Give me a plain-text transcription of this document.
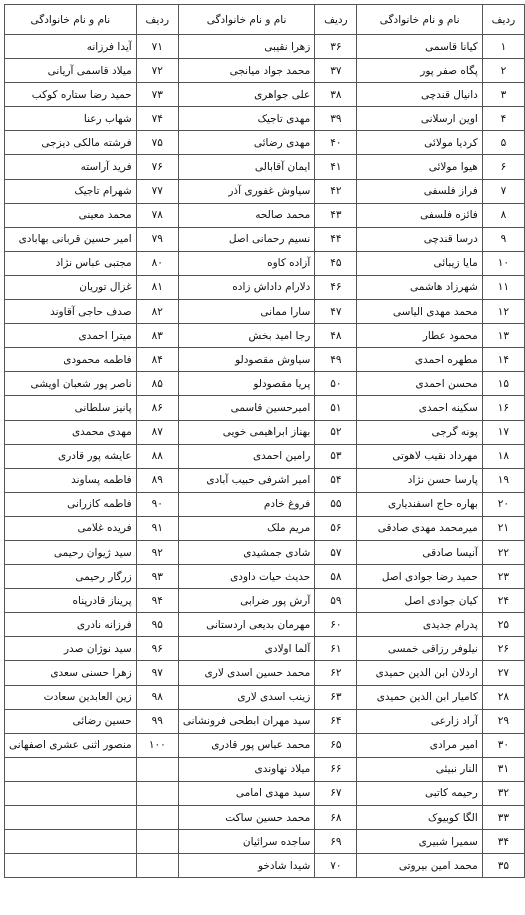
ردیف	نام و نام خانوادگی	ردیف	نام و نام خانوادگی	ردیف	نام و نام خانوادگی
۱	کیانا قاسمی	۳۶	زهرا نقیبی	۷۱	آیدا فرزانه
۲	پگاه صفر پور	۳۷	محمد جواد میانجی	۷۲	میلاد قاسمی آریانی
۳	دانیال قندچی	۳۸	علی جواهری	۷۳	حمید رضا ستاره کوکب
۴	اوین ارسلانی	۳۹	مهدی تاجیک	۷۴	شهاب رعنا
۵	کردیا مولائی	۴۰	مهدی رضائی	۷۵	فرشته مالکی دیزجی
۶	هیوا مولائی	۴۱	ایمان آقابالی	۷۶	فرید آراسته
۷	فراز فلسفی	۴۲	سیاوش غفوری آذر	۷۷	شهرام تاجیک
۸	فائزه فلسفی	۴۳	محمد صالحه	۷۸	محمد معینی
۹	درسا قندچی	۴۴	نسیم رحمانی اصل	۷۹	امیر حسین قربانی بهابادی
۱۰	مایا زیبائی	۴۵	آزاده کاوه	۸۰	مجتبی عباس نژاد
۱۱	شهرزاد هاشمی	۴۶	دلارام داداش زاده	۸۱	غزال توریان
۱۲	محمد مهدی الیاسی	۴۷	سارا ممانی	۸۲	صدف حاجی آقاوند
۱۳	محمود عطار	۴۸	رجا امید بخش	۸۳	میترا احمدی
۱۴	مطهره احمدی	۴۹	سیاوش مقصودلو	۸۴	فاطمه محمودی
۱۵	محسن احمدی	۵۰	پریا مقصودلو	۸۵	ناصر پور شعبان اویشی
۱۶	سکینه احمدی	۵۱	امیرحسین قاسمی	۸۶	پانیز سلطانی
۱۷	پونه گرجی	۵۲	بهناز ابراهیمی خویی	۸۷	مهدی محمدی
۱۸	مهرداد نقیب لاهوتی	۵۳	رامین احمدی	۸۸	عایشه پور قادری
۱۹	پارسا حسن نژاد	۵۴	امیر اشرفی حبیب آبادی	۸۹	فاطمه پساوند
۲۰	بهاره حاج اسفندیاری	۵۵	فروغ خادم	۹۰	فاطمه کازرانی
۲۱	میرمحمد مهدی صادقی	۵۶	مریم ملک	۹۱	فریده غلامی
۲۲	آنیسا صادقی	۵۷	شادی جمشیدی	۹۲	سید ژیوان رحیمی
۲۳	حمید رضا جوادی اصل	۵۸	حدیث حیات داودی	۹۳	زرگار رحیمی
۲۴	کیان جوادی اصل	۵۹	آرش پور ضرابی	۹۴	پریناز قادرپناه
۲۵	پدرام جدیدی	۶۰	مهرمان بدیعی اردستانی	۹۵	فرزانه نادری
۲۶	نیلوفر رزاقی خمسی	۶۱	آلما اولادی	۹۶	سید نوژان صدر
۲۷	اردلان ابن الدین حمیدی	۶۲	محمد حسین اسدی لاری	۹۷	زهرا حسنی سعدی
۲۸	کامیار ابن الدین حمیدی	۶۳	زینب اسدی لاری	۹۸	زین العابدین سعادت
۲۹	آراد زارعی	۶۴	سید مهران ابطحی فرونشانی	۹۹	حسین رضائی
۳۰	امیر مرادی	۶۵	محمد عباس پور قادری	۱۰۰	منصور اثنی عشری اصفهانی
۳۱	النار نبیئی	۶۶	میلاد نهاوندی		
۳۲	رحیمه کاتبی	۶۷	سید مهدی امامی		
۳۳	الگا کوبیوک	۶۸	محمد حسین ساکت		
۳۴	سمیرا شبیری	۶۹	ساجده سرائیان		
۳۵	محمد امین بیروتی	۷۰	شیدا شادخو		
